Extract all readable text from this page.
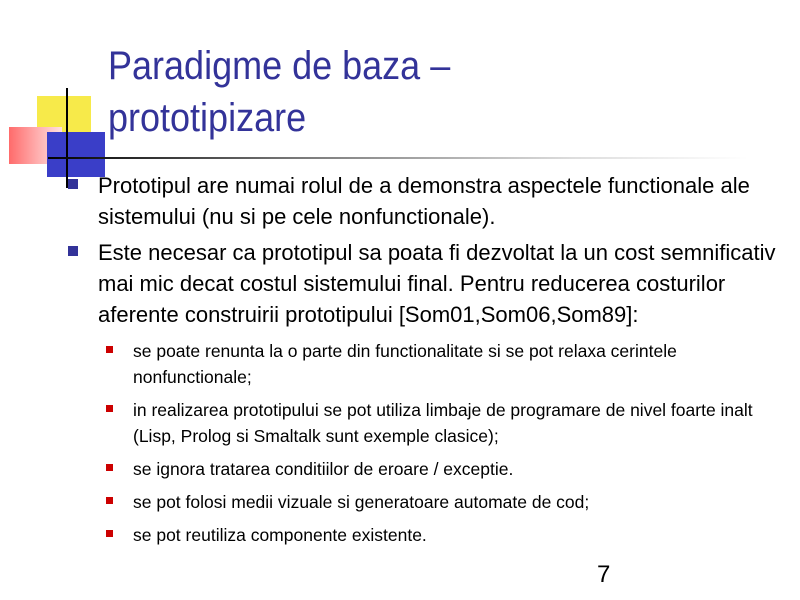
Paradigme de baza –
prototipizare
Prototipul are numai rolul de a demonstra aspectele functionale ale sistemului (nu si pe cele nonfunctionale).
Este necesar ca prototipul sa poata fi dezvoltat la un cost semnificativ mai mic decat costul sistemului final. Pentru reducerea costurilor aferente construirii prototipului [Som01,Som06,Som89]:
se poate renunta la o parte din functionalitate si se pot relaxa cerintele nonfunctionale;
in realizarea prototipului se pot utiliza limbaje de programare de nivel foarte inalt (Lisp, Prolog si Smaltalk sunt exemple clasice);
se ignora tratarea conditiilor de eroare / exceptie.
se pot folosi medii vizuale si generatoare automate de cod;
se pot reutiliza componente existente.
7
